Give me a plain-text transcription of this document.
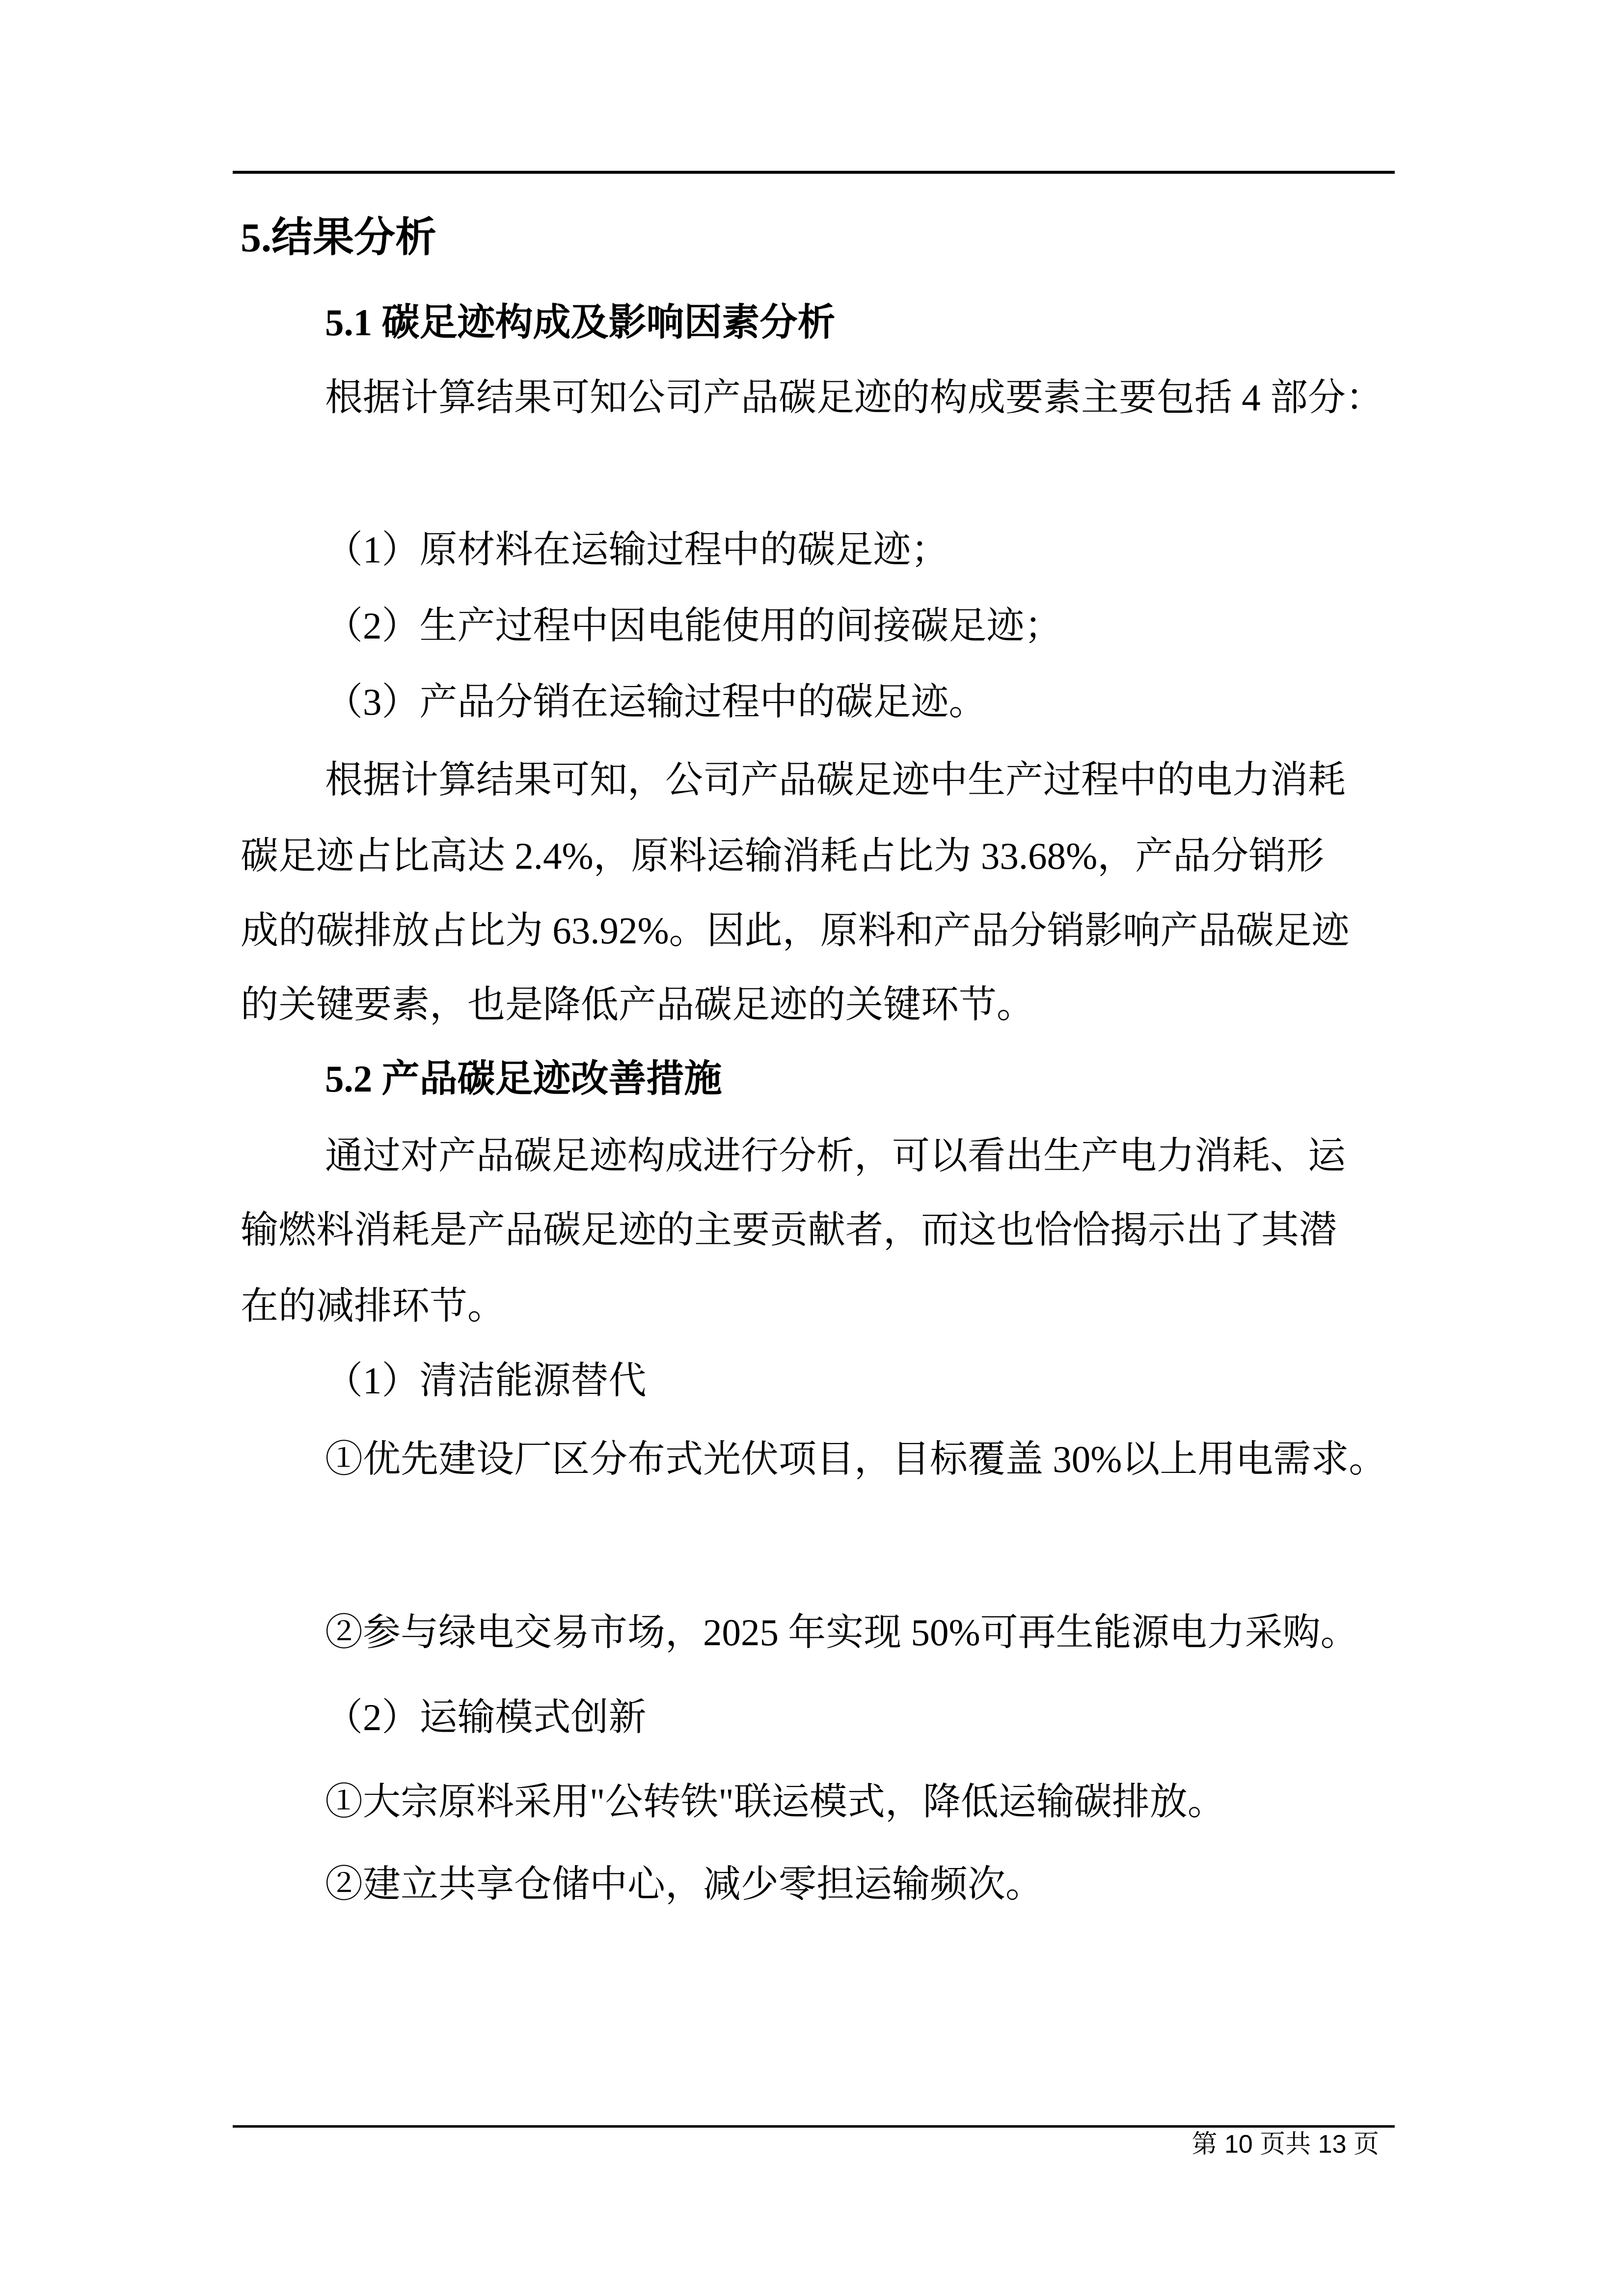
5.结果分析
5.1 碳足迹构成及影响因素分析
根据计算结果可知公司产品碳足迹的构成要素主要包括 4 部分：
（1）原材料在运输过程中的碳足迹；
（2）生产过程中因电能使用的间接碳足迹；
（3）产品分销在运输过程中的碳足迹。
根据计算结果可知，公司产品碳足迹中生产过程中的电力消耗
碳足迹占比高达 2.4%，原料运输消耗占比为 33.68%，产品分销形
成的碳排放占比为 63.92%。因此，原料和产品分销影响产品碳足迹
的关键要素，也是降低产品碳足迹的关键环节。
5.2 产品碳足迹改善措施
通过对产品碳足迹构成进行分析，可以看出生产电力消耗、运
输燃料消耗是产品碳足迹的主要贡献者，而这也恰恰揭示出了其潜
在的减排环节。
（1）清洁能源替代
①优先建设厂区分布式光伏项目，目标覆盖 30%以上用电需求。
②参与绿电交易市场，2025 年实现 50%可再生能源电力采购。
（2）运输模式创新
①大宗原料采用"公转铁"联运模式，降低运输碳排放。
②建立共享仓储中心，减少零担运输频次。
第 10 页共 13 页
